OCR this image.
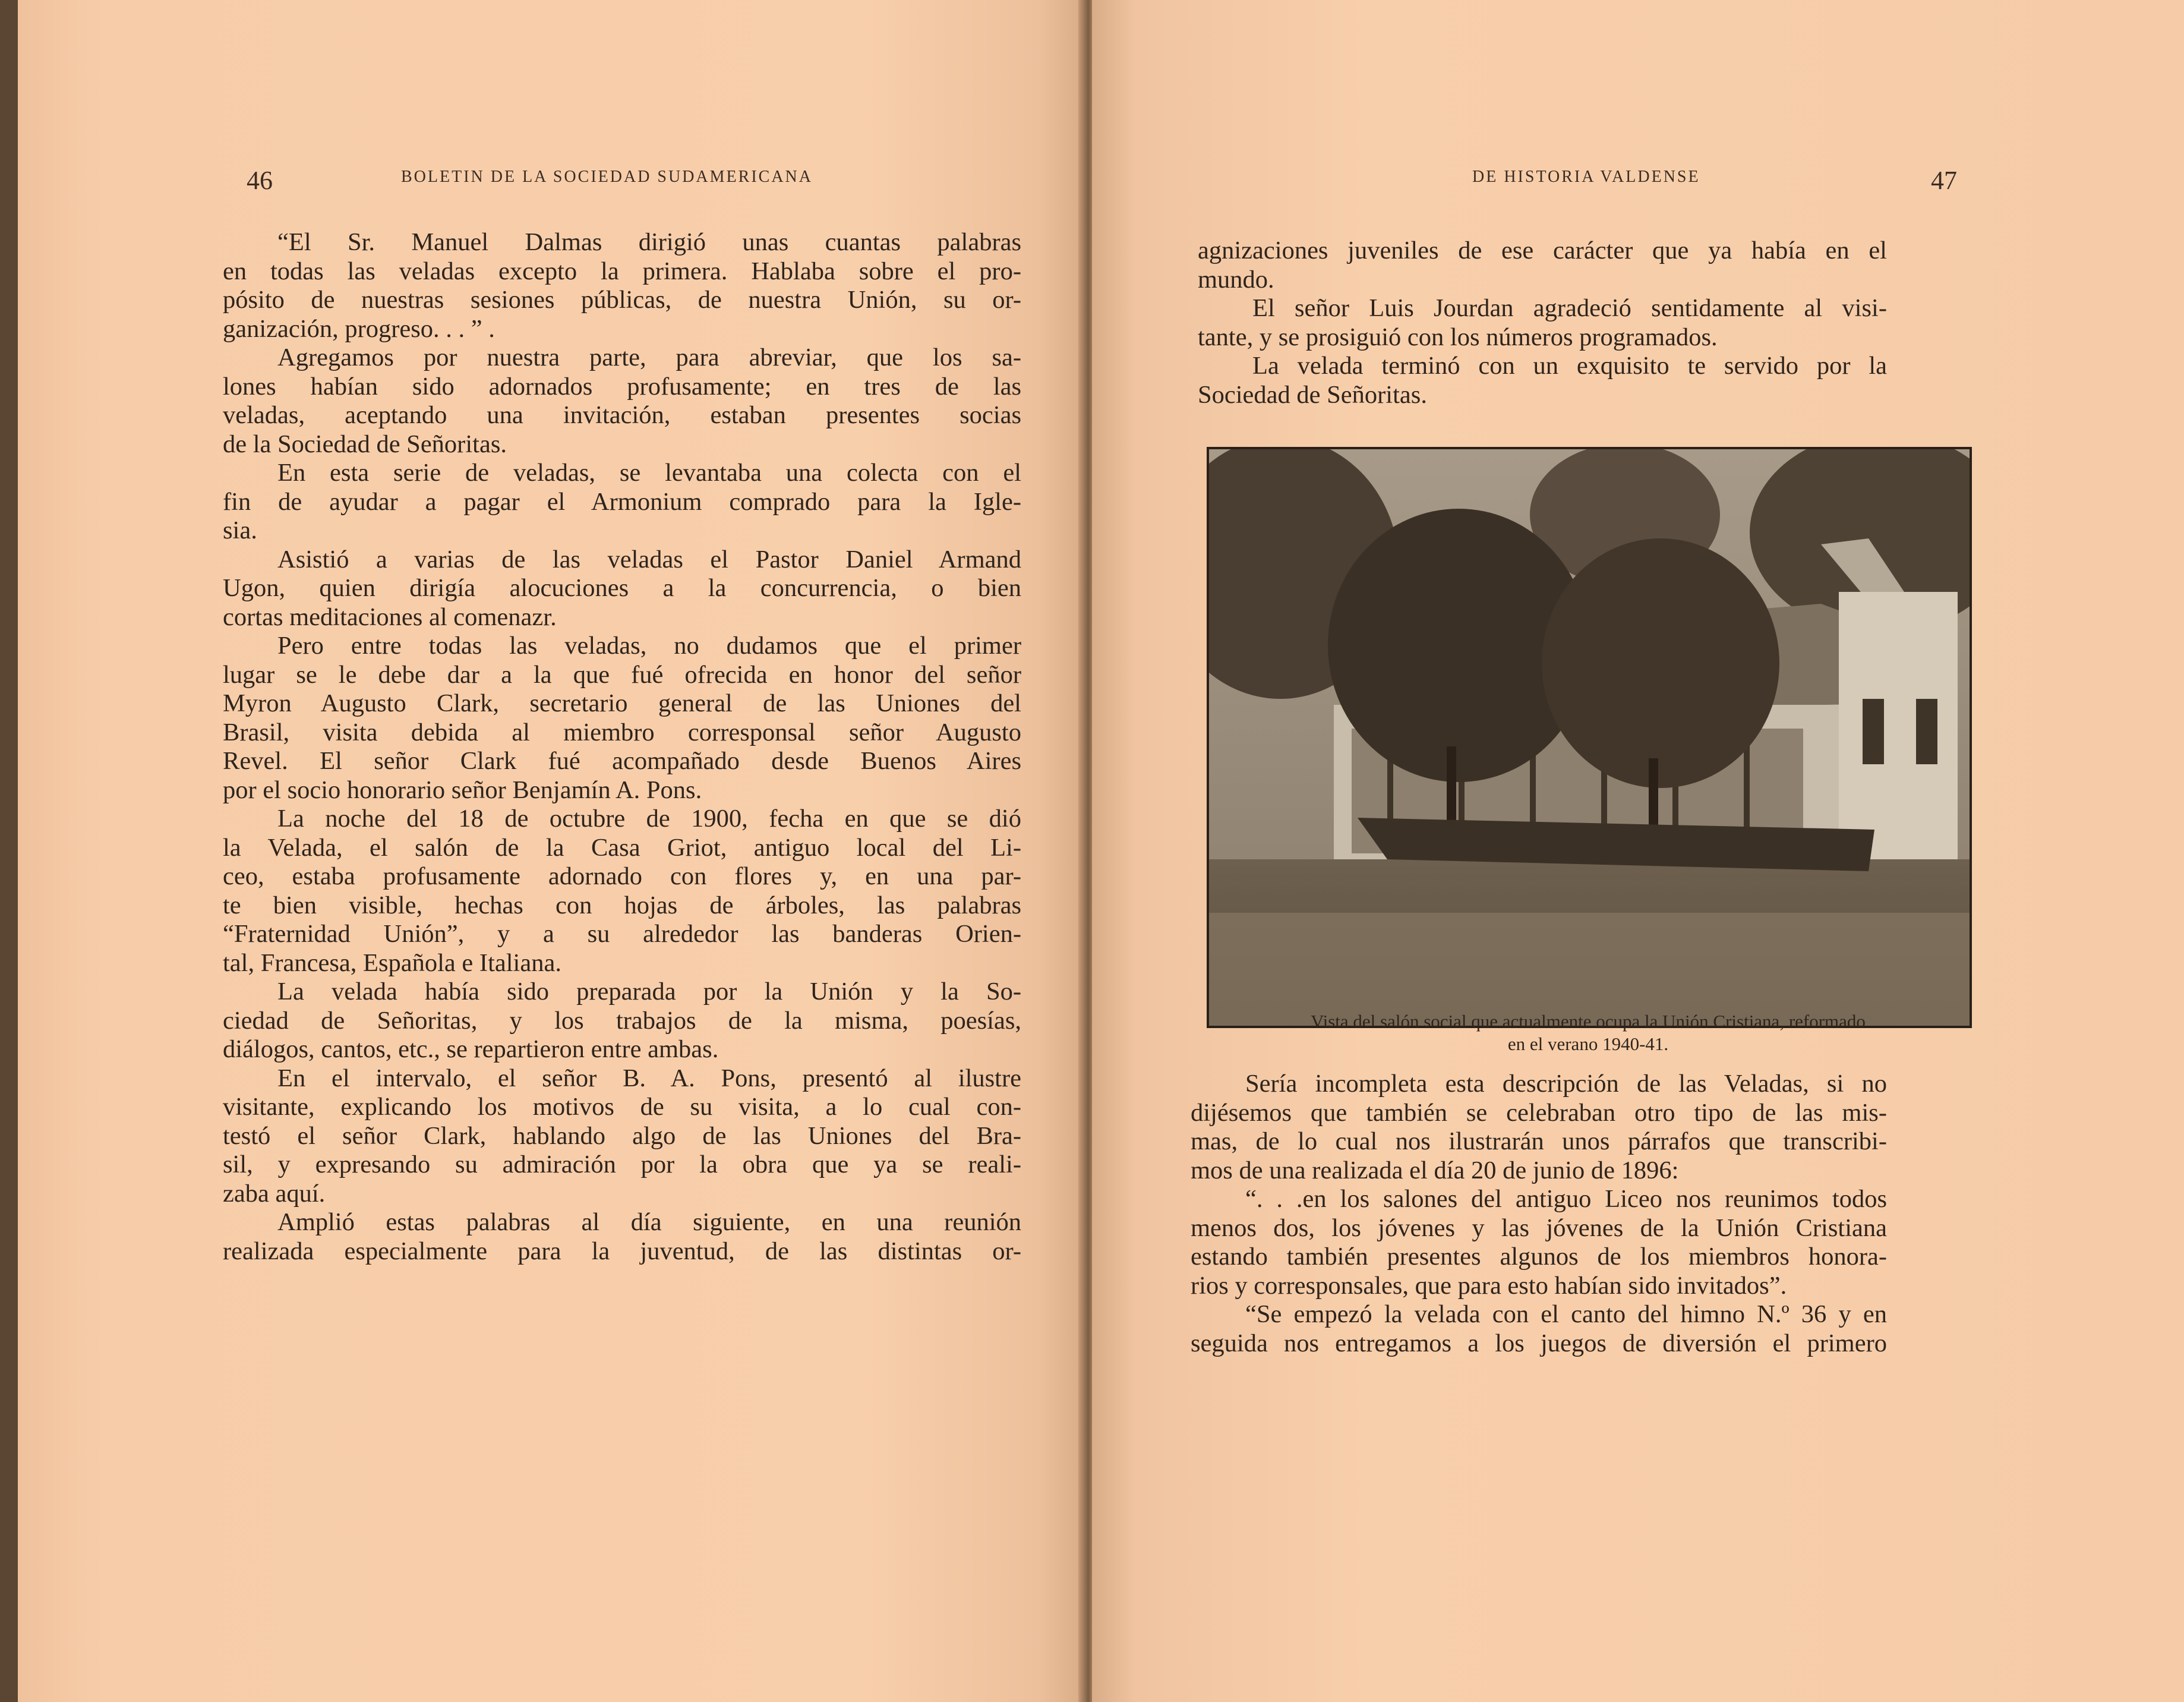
46	BOLETIN DE LA SOCIEDAD SUDAMERICANA
“El Sr. Manuel Dalmas dirigió unas cuantas palabras
en todas las veladas excepto la primera. Hablaba sobre el pro-
pósito de nuestras sesiones públicas, de nuestra Unión, su or-
ganización, progreso. . . ” .
Agregamos por nuestra parte, para abreviar, que los sa-
lones habían sido adornados profusamente; en tres de las
veladas, aceptando una invitación, estaban presentes socias
de la Sociedad de Señoritas.
En esta serie de veladas, se levantaba una colecta con el
fin de ayudar a pagar el Armonium comprado para la Igle-
sia.
Asistió a varias de las veladas el Pastor Daniel Armand
Ugon, quien dirigía alocuciones a la concurrencia, o bien
cortas meditaciones al comenazr.
Pero entre todas las veladas, no dudamos que el primer
lugar se le debe dar a la que fué ofrecida en honor del señor
Myron Augusto Clark, secretario general de las Uniones del
Brasil, visita debida al miembro corresponsal señor Augusto
Revel. El señor Clark fué acompañado desde Buenos Aires
por el socio honorario señor Benjamín A. Pons.
La noche del 18 de octubre de 1900, fecha en que se dió
la Velada, el salón de la Casa Griot, antiguo local del Li-
ceo, estaba profusamente adornado con flores y, en una par-
te bien visible, hechas con hojas de árboles, las palabras
“Fraternidad Unión”, y a su alrededor las banderas Orien-
tal, Francesa, Española e Italiana.
La velada había sido preparada por la Unión y la So-
ciedad de Señoritas, y los trabajos de la misma, poesías,
diálogos, cantos, etc., se repartieron entre ambas.
En el intervalo, el señor B. A. Pons, presentó al ilustre
visitante, explicando los motivos de su visita, a lo cual con-
testó el señor Clark, hablando algo de las Uniones del Bra-
sil, y expresando su admiración por la obra que ya se reali-
zaba aquí.
Amplió estas palabras al día siguiente, en una reunión
realizada especialmente para la juventud, de las distintas or-
DE HISTORIA VALDENSE	47
agnizaciones juveniles de ese carácter que ya había en el
mundo.
El señor Luis Jourdan agradeció sentidamente al visi-
tante, y se prosiguió con los números programados.
La velada terminó con un exquisito te servido por la
Sociedad de Señoritas.
Vista del salón social que actualmente ocupa la Unión Cristiana, reformado
en el verano 1940-41.
Sería incompleta esta descripción de las Veladas, si no
dijésemos que también se celebraban otro tipo de las mis-
mas, de lo cual nos ilustrarán unos párrafos que transcribi-
mos de una realizada el día 20 de junio de 1896:
“. . .en los salones del antiguo Liceo nos reunimos todos
menos dos, los jóvenes y las jóvenes de la Unión Cristiana
estando también presentes algunos de los miembros honora-
rios y corresponsales, que para esto habían sido invitados”.
“Se empezó la velada con el canto del himno N.º 36 y en
seguida nos entregamos a los juegos de diversión el primero
